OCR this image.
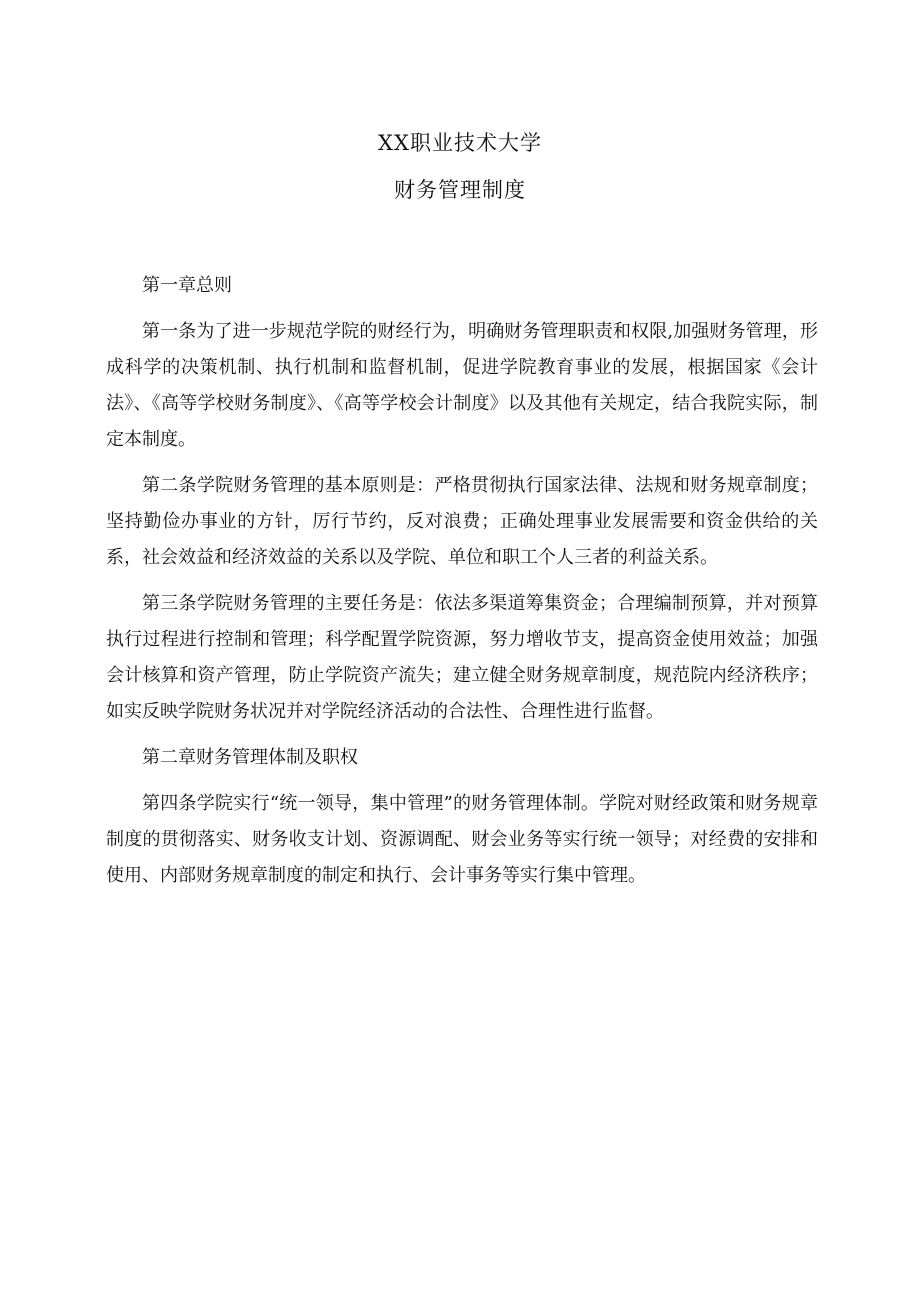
XX职业技术大学
财务管理制度

第一章总则

第一条为了进一步规范学院的财经行为，明确财务管理职责和权限,加强财务管理，形成科学的决策机制、执行机制和监督机制，促进学院教育事业的发展，根据国家《会计法》、《高等学校财务制度》、《高等学校会计制度》以及其他有关规定，结合我院实际，制定本制度。

第二条学院财务管理的基本原则是：严格贯彻执行国家法律、法规和财务规章制度；坚持勤俭办事业的方针，厉行节约，反对浪费；正确处理事业发展需要和资金供给的关系，社会效益和经济效益的关系以及学院、单位和职工个人三者的利益关系。

第三条学院财务管理的主要任务是：依法多渠道筹集资金；合理编制预算，并对预算执行过程进行控制和管理；科学配置学院资源，努力增收节支，提高资金使用效益；加强会计核算和资产管理，防止学院资产流失；建立健全财务规章制度，规范院内经济秩序；如实反映学院财务状况并对学院经济活动的合法性、合理性进行监督。

第二章财务管理体制及职权

第四条学院实行“统一领导，集中管理”的财务管理体制。学院对财经政策和财务规章制度的贯彻落实、财务收支计划、资源调配、财会业务等实行统一领导；对经费的安排和使用、内部财务规章制度的制定和执行、会计事务等实行集中管理。
